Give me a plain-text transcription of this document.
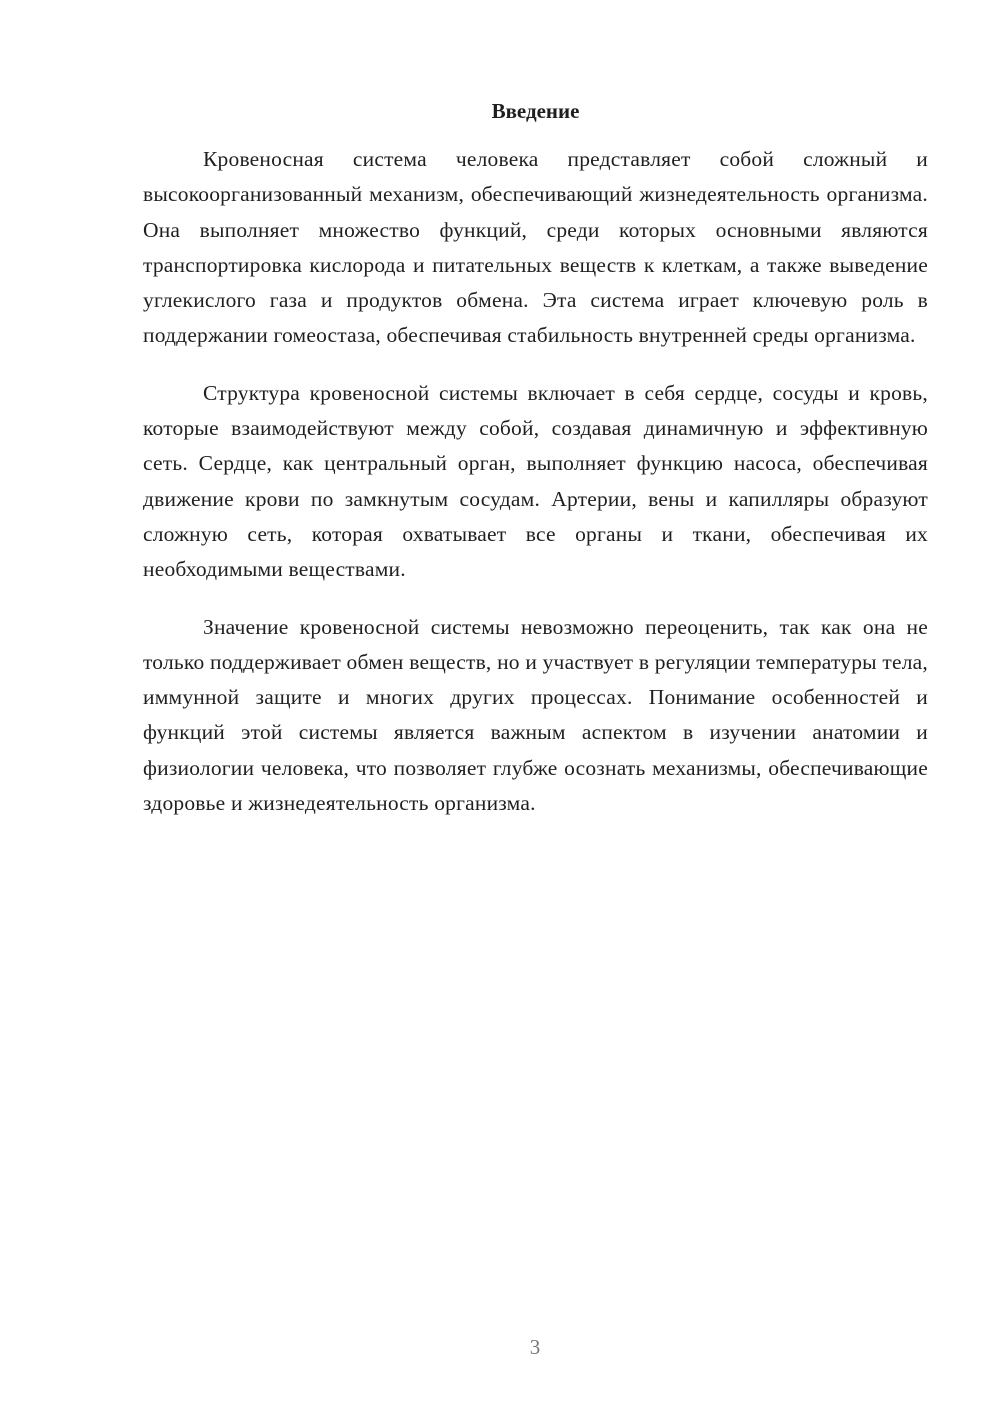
Введение

Кровеносная система человека представляет собой сложный и высокоорганизованный механизм, обеспечивающий жизнедеятельность организма. Она выполняет множество функций, среди которых основными являются транспортировка кислорода и питательных веществ к клеткам, а также выведение углекислого газа и продуктов обмена. Эта система играет ключевую роль в поддержании гомеостаза, обеспечивая стабильность внутренней среды организма.

Структура кровеносной системы включает в себя сердце, сосуды и кровь, которые взаимодействуют между собой, создавая динамичную и эффективную сеть. Сердце, как центральный орган, выполняет функцию насоса, обеспечивая движение крови по замкнутым сосудам. Артерии, вены и капилляры образуют сложную сеть, которая охватывает все органы и ткани, обеспечивая их необходимыми веществами.

Значение кровеносной системы невозможно переоценить, так как она не только поддерживает обмен веществ, но и участвует в регуляции температуры тела, иммунной защите и многих других процессах. Понимание особенностей и функций этой системы является важным аспектом в изучении анатомии и физиологии человека, что позволяет глубже осознать механизмы, обеспечивающие здоровье и жизнедеятельность организма.

3
